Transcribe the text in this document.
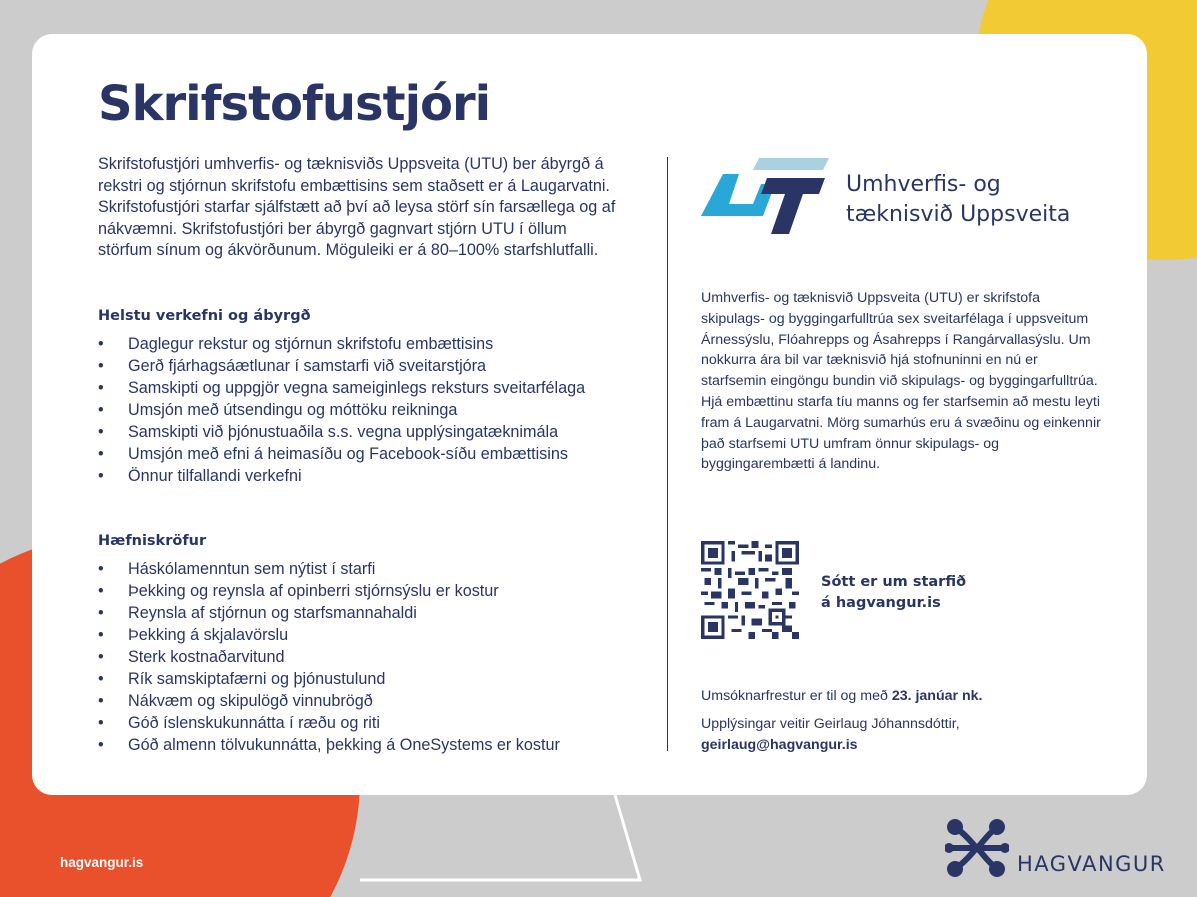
Skrifstofustjóri

Skrifstofustjóri umhverfis- og tæknisviðs Uppsveita (UTU) ber ábyrgð á rekstri og stjórnun skrifstofu embættisins sem staðsett er á Laugarvatni. Skrifstofustjóri starfar sjálfstætt að því að leysa störf sín farsællega og af nákvæmni. Skrifstofustjóri ber ábyrgð gagnvart stjórn UTU í öllum störfum sínum og ákvörðunum. Möguleiki er á 80–100% starfshlutfalli.

Helstu verkefni og ábyrgð
• Daglegur rekstur og stjórnun skrifstofu embættisins
• Gerð fjárhagsáætlunar í samstarfi við sveitarstjóra
• Samskipti og uppgjör vegna sameiginlegs reksturs sveitarfélaga
• Umsjón með útsendingu og móttöku reikninga
• Samskipti við þjónustuaðila s.s. vegna upplýsingatæknimála
• Umsjón með efni á heimasíðu og Facebook-síðu embættisins
• Önnur tilfallandi verkefni
Hæfniskröfur
• Háskólamenntun sem nýtist í starfi
• Þekking og reynsla af opinberri stjórnsýslu er kostur
• Reynsla af stjórnun og starfsmannahaldi
• Þekking á skjalavörslu
• Sterk kostnaðarvitund
• Rík samskiptafærni og þjónustulund
• Nákvæm og skipulögð vinnubrögð
• Góð íslenskukunnátta í ræðu og riti
• Góð almenn tölvukunnátta, þekking á OneSystems er kostur

Umhverfis- og
tæknisvið Uppsveita

Umhverfis- og tæknisvið Uppsveita (UTU) er skrifstofa skipulags- og byggingarfulltrúa sex sveitarfélaga í uppsveitum Árnessýslu, Flóahrepps og Ásahrepps í Rangárvallasýslu. Um nokkurra ára bil var tæknisvið hjá stofnuninni en nú er starfsemin eingöngu bundin við skipulags- og byggingarfulltrúa. Hjá embættinu starfa tíu manns og fer starfsemin að mestu leyti fram á Laugarvatni. Mörg sumarhús eru á svæðinu og einkennir það starfsemi UTU umfram önnur skipulags- og byggingarembætti á landinu.

Sótt er um starfið
á hagvangur.is

Umsóknarfrestur er til og með 23. janúar nk.

Upplýsingar veitir Geirlaug Jóhannsdóttir,
geirlaug@hagvangur.is

hagvangur.is	HAGVANGUR
